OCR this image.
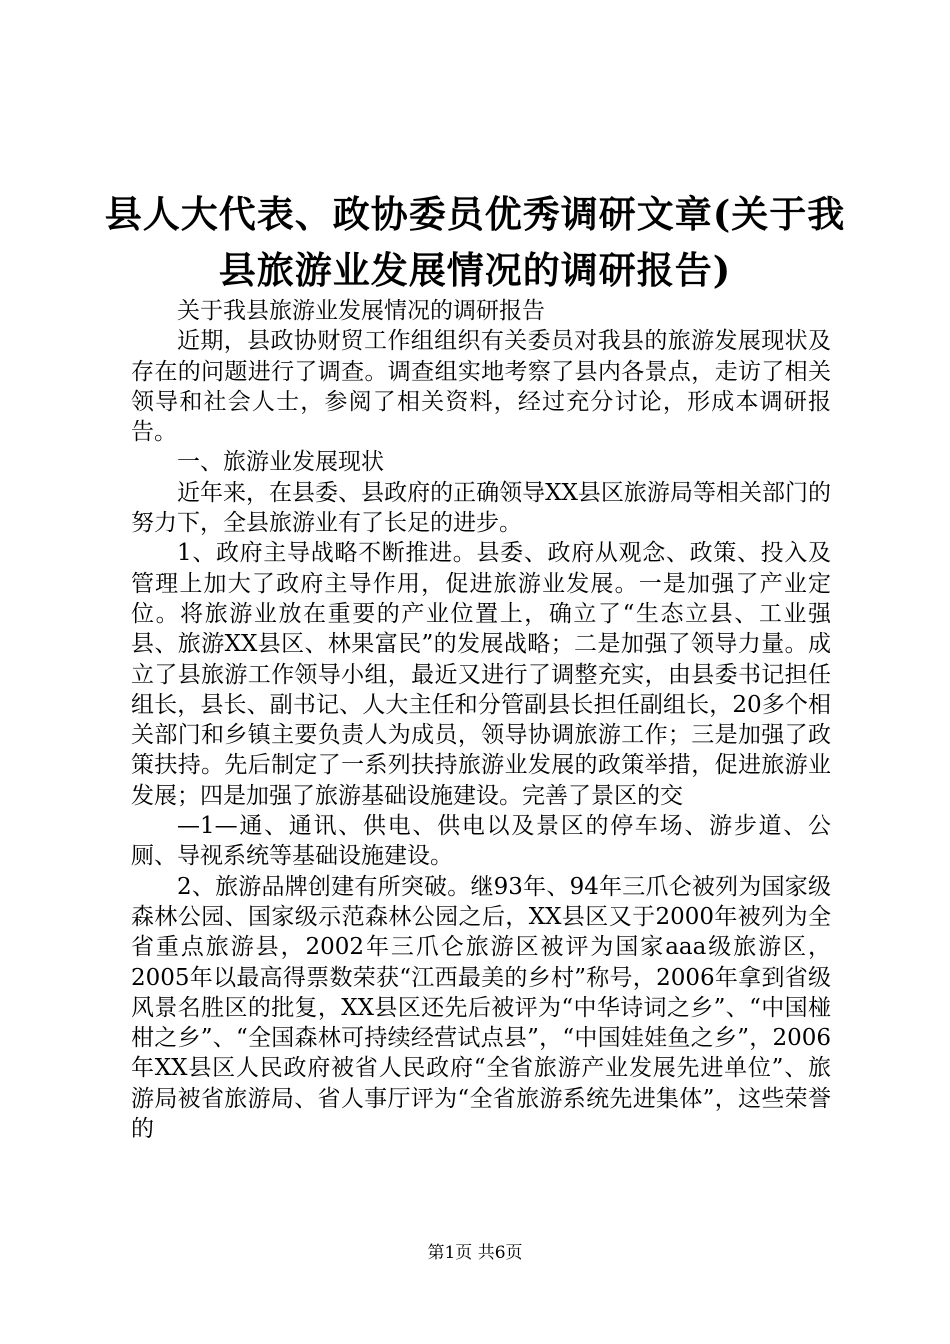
县人大代表、政协委员优秀调研文章(关于我
县旅游业发展情况的调研报告)

关于我县旅游业发展情况的调研报告

近期，县政协财贸工作组组织有关委员对我县的旅游发展现状及存在的问题进行了调查。调查组实地考察了县内各景点，走访了相关领导和社会人士，参阅了相关资料，经过充分讨论，形成本调研报告。

一、旅游业发展现状

近年来，在县委、县政府的正确领导XX县区旅游局等相关部门的努力下，全县旅游业有了长足的进步。

1、政府主导战略不断推进。县委、政府从观念、政策、投入及管理上加大了政府主导作用，促进旅游业发展。一是加强了产业定位。将旅游业放在重要的产业位置上，确立了“生态立县、工业强县、旅游XX县区、林果富民”的发展战略；二是加强了领导力量。成立了县旅游工作领导小组，最近又进行了调整充实，由县委书记担任组长，县长、副书记、人大主任和分管副县长担任副组长，20多个相关部门和乡镇主要负责人为成员，领导协调旅游工作；三是加强了政策扶持。先后制定了一系列扶持旅游业发展的政策举措，促进旅游业发展；四是加强了旅游基础设施建设。完善了景区的交

—1—通、通讯、供电、供电以及景区的停车场、游步道、公厕、导视系统等基础设施建设。

2、旅游品牌创建有所突破。继93年、94年三爪仑被列为国家级森林公园、国家级示范森林公园之后，XX县区又于2000年被列为全省重点旅游县，2002年三爪仑旅游区被评为国家aaa级旅游区，2005年以最高得票数荣获“江西最美的乡村”称号，2006年拿到省级风景名胜区的批复，XX县区还先后被评为“中华诗词之乡”、“中国椪柑之乡”、“全国森林可持续经营试点县”，“中国娃娃鱼之乡”，2006年XX县区人民政府被省人民政府“全省旅游产业发展先进单位”、旅游局被省旅游局、省人事厅评为“全省旅游系统先进集体”，这些荣誉的

第1页 共6页
